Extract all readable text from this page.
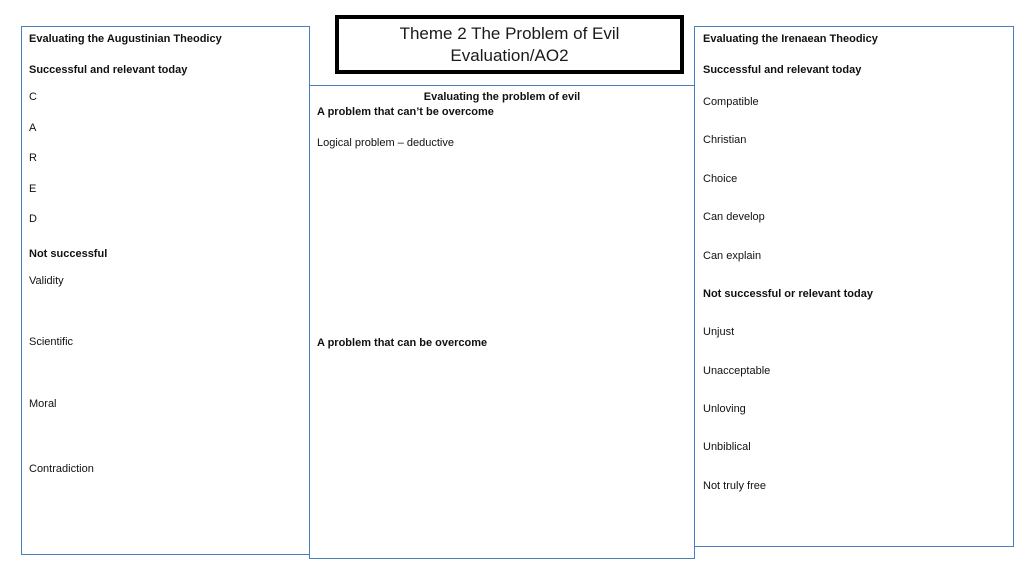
Evaluating the Augustinian Theodicy
Successful and relevant today
C
A
R
E
D
Not successful
Validity
Scientific
Moral
Contradiction
Evaluating the problem of evil
A problem that can’t be overcome
Logical problem – deductive
A problem that can be overcome
Evaluating the Irenaean Theodicy
Successful and relevant today
Compatible
Christian
Choice
Can develop
Can explain
Not successful or relevant today
Unjust
Unacceptable
Unloving
Unbiblical
Not truly free
Theme 2 The Problem of Evil
Evaluation/AO2
